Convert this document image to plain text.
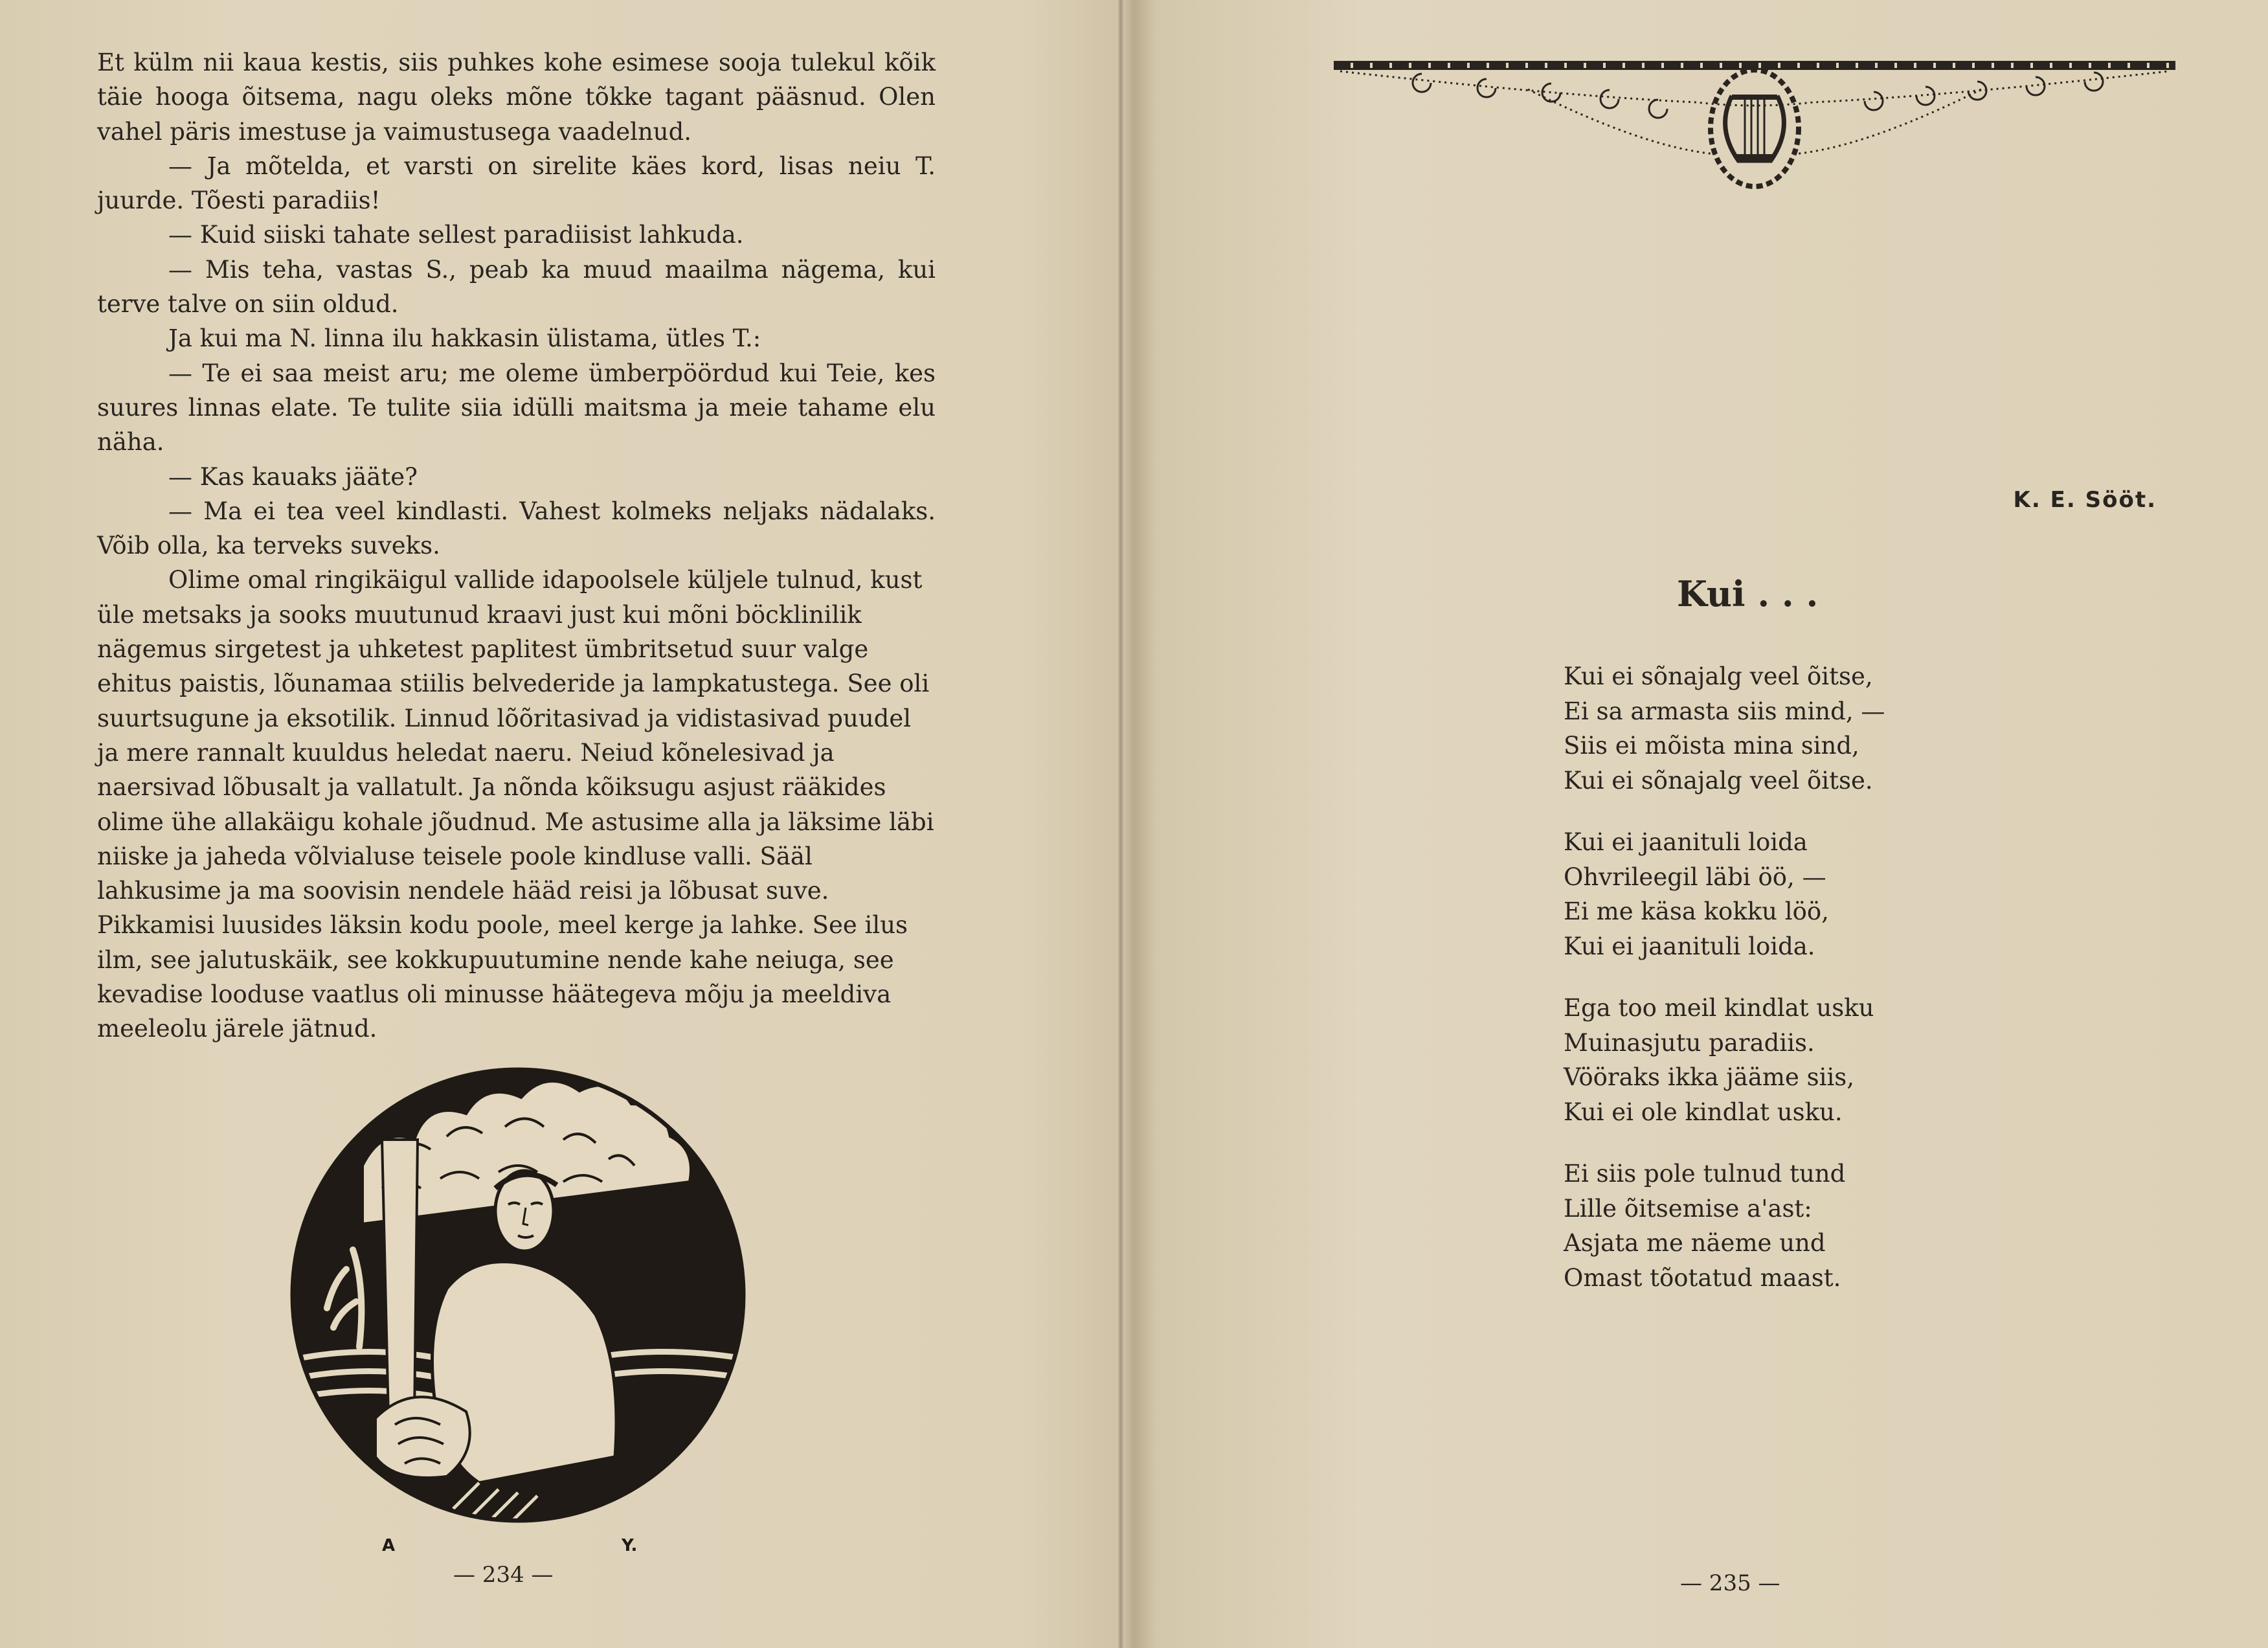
Et külm nii kaua kestis, siis puhkes kohe esimese sooja tulekul kõik täie hooga õitsema, nagu oleks mõne tõkke tagant pääsnud. Olen vahel päris imestuse ja vaimustusega vaadelnud.

— Ja mõtelda, et varsti on sirelite käes kord, lisas neiu T. juurde. Tõesti paradiis!

— Kuid siiski tahate sellest paradiisist lahkuda.

— Mis teha, vastas S., peab ka muud maailma nägema, kui terve talve on siin oldud.

Ja kui ma N. linna ilu hakkasin ülistama, ütles T.:

— Te ei saa meist aru; me oleme ümberpöördud kui Teie, kes suures linnas elate. Te tulite siia idülli maitsma ja meie tahame elu näha.

— Kas kauaks jääte?

— Ma ei tea veel kindlasti. Vahest kolmeks neljaks nädalaks. Võib olla, ka terveks suveks.

Olime omal ringikäigul vallide idapoolsele küljele tulnud, kust üle metsaks ja sooks muutunud kraavi just kui mõni böcklinilik nägemus sirgetest ja uhketest paplitest ümbritsetud suur valge ehitus paistis, lõunamaa stiilis belvederide ja lampkatustega. See oli suurtsugune ja eksotilik. Linnud lõõritasivad ja vidistasivad puudel ja mere rannalt kuuldus heledat naeru. Neiud kõnelesivad ja naersivad lõbusalt ja vallatult. Ja nõnda kõiksugu asjust rääkides olime ühe allakäigu kohale jõudnud. Me astusime alla ja läksime läbi niiske ja jaheda võlvialuse teisele poole kindluse valli. Sääl lahkusime ja ma soovisin nendele hääd reisi ja lõbusat suve. Pikkamisi luusides läksin kodu poole, meel kerge ja lahke. See ilus ilm, see jalutuskäik, see kokkupuutumine nende kahe neiuga, see kevadise looduse vaatlus oli minusse häätegeva mõju ja meeldiva meeleolu järele jätnud.

A	Y.
— 234 —
K. E. Sööt.
Kui . . .
Kui ei sõnajalg veel õitse,
Ei sa armasta siis mind, —
Siis ei mõista mina sind,
Kui ei sõnajalg veel õitse.
Kui ei jaanituli loida
Ohvrileegil läbi öö, —
Ei me käsa kokku löö,
Kui ei jaanituli loida.
Ega too meil kindlat usku
Muinasjutu paradiis.
Vööraks ikka jääme siis,
Kui ei ole kindlat usku.
Ei siis pole tulnud tund
Lille õitsemise a'ast:
Asjata me näeme und
Omast tõotatud maast.
— 235 —
